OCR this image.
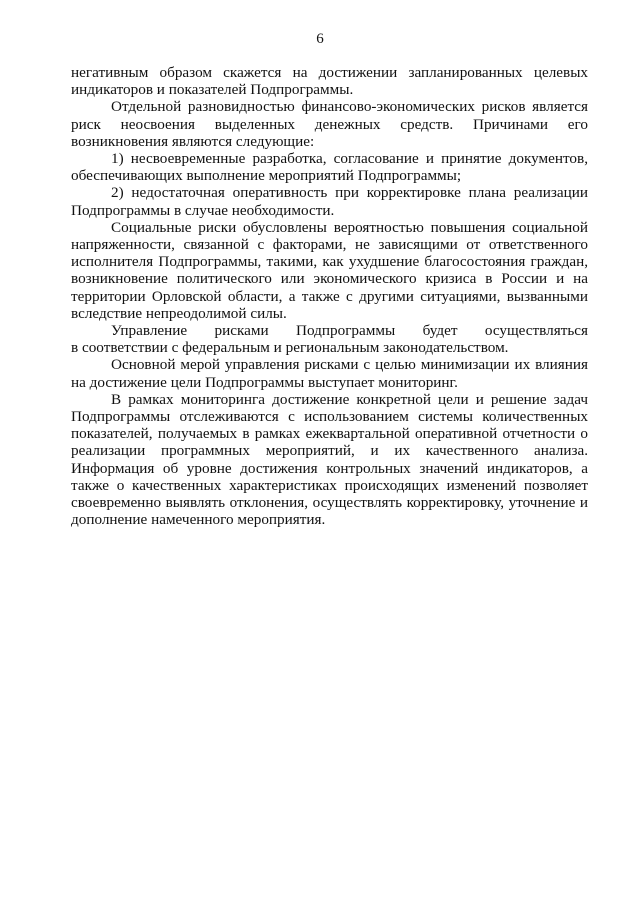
6

негативным образом скажется на достижении запланированных целевых индикаторов и показателей Подпрограммы.

Отдельной разновидностью финансово-экономических рисков является риск неосвоения выделенных денежных средств. Причинами его возникновения являются следующие:

1) несвоевременные разработка, согласование и принятие документов, обеспечивающих выполнение мероприятий Подпрограммы;

2) недостаточная оперативность при корректировке плана реализации Подпрограммы в случае необходимости.

Социальные риски обусловлены вероятностью повышения социальной напряженности, связанной с факторами, не зависящими от ответственного исполнителя Подпрограммы, такими, как ухудшение благосостояния граждан, возникновение политического или экономического кризиса в России и на территории Орловской области, а также с другими ситуациями, вызванными вследствие непреодолимой силы.

Управление рисками Подпрограммы будет осуществляться

в соответствии с федеральным и региональным законодательством.

Основной мерой управления рисками с целью минимизации их влияния на достижение цели Подпрограммы выступает мониторинг.

В рамках мониторинга достижение конкретной цели и решение задач Подпрограммы отслеживаются с использованием системы количественных показателей, получаемых в рамках ежеквартальной оперативной отчетности о реализации программных мероприятий, и их качественного анализа. Информация об уровне достижения контрольных значений индикаторов, а также о качественных характеристиках происходящих изменений позволяет своевременно выявлять отклонения, осуществлять корректировку, уточнение и дополнение намеченного мероприятия.
